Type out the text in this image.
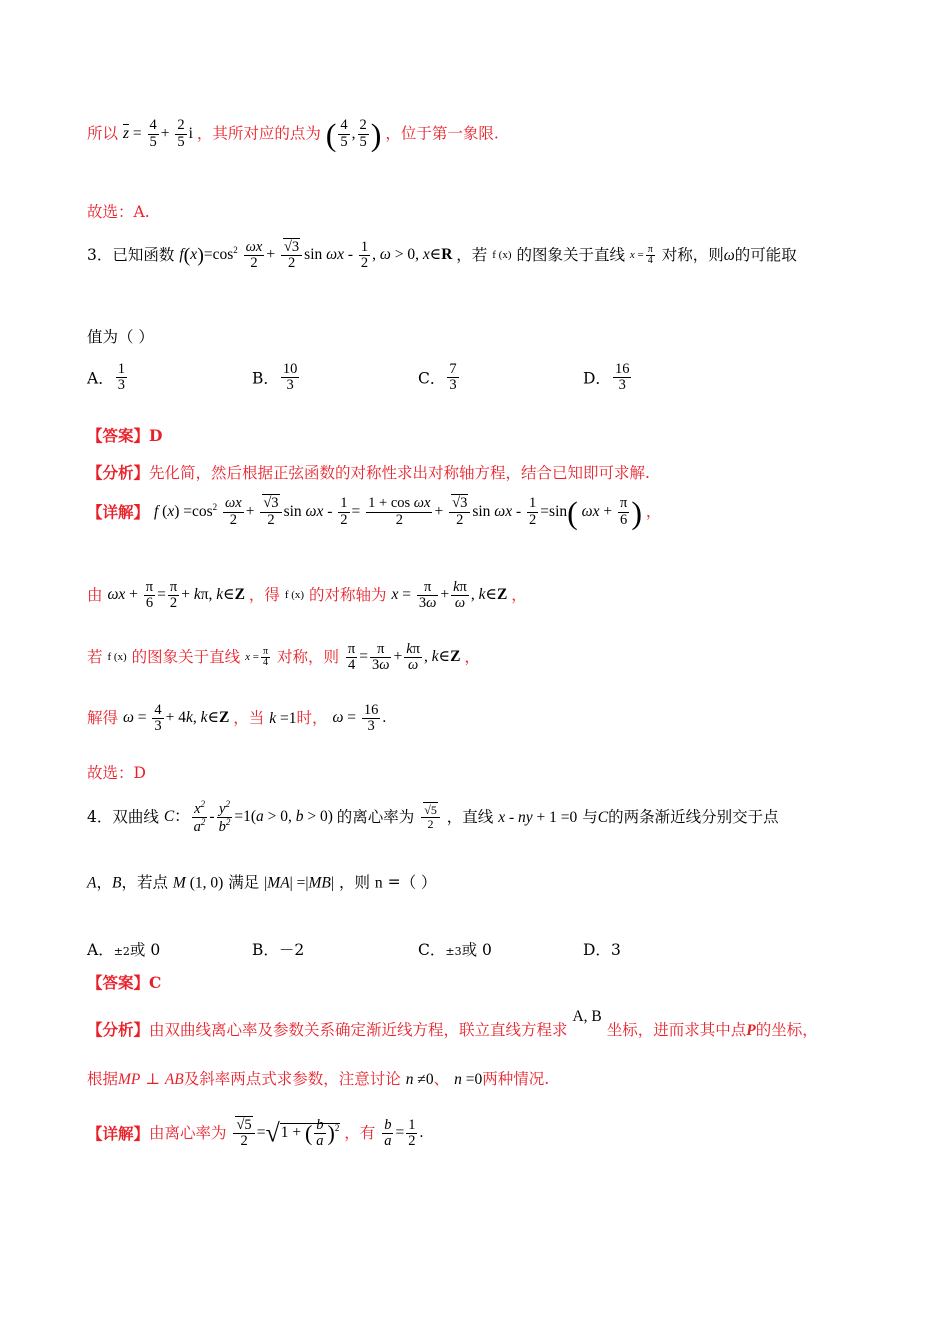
所以 $\overline{z} = \frac{4}{5} + \frac{2}{5}$ i ，其所对应的点为 ( $\frac{4}{5}$ , $\frac{2}{5}$ ) ，位于第一象限.
故选：A.
3．已知函数 $f(x)=\cos^2 \frac{\omega x}{2} + \frac{√3}{2}$ sin ωx - $\frac{1}{2}$ , ω > 0, x∈R ，若 f (x) 的图象关于直线 $x = \frac{\pi}{4}$ 对称，则ω的可能取
值为（ ）
A． $\frac{1}{3}$	B． $\frac{10}{3}$	C． $\frac{7}{3}$	D． $\frac{16}{3}$
【答案】D
【分析】先化简，然后根据正弦函数的对称性求出对称轴方程，结合已知即可求解.
【详解】 f $(x) =\cos^2 \frac{\omega x}{2} + \frac{√3}{2}$ $\sin \omega x - \frac{1}{2} = \frac{\text{1 + cos ωx}}{2} + \frac{√3}{2}$ $\sin \omega x - \frac{1}{2} =\sin$( $\omega x + \frac{\pi}{6}$ ) ，
由 $\omega x + \frac{\pi}{6} = \frac{\pi}{2} + k\pi$, k∈Z ，得 f (x) 的对称轴为 $x = \frac{\pi}{3\omega} + \frac{k\pi}{\omega}$ , k∈Z ，
若 f (x) 的图象关于直线 $x = \frac{\pi}{4}$ 对称，则 $\frac{\pi}{4} = \frac{\pi}{3\omega} + \frac{k\pi}{\omega}$ , k∈Z ，
解得 $\omega = \frac{4}{3} + 4k$, k∈Z ，当 k =1时， $\omega = \frac{16}{3}$ .
故选：D
4．双曲线 C： $\frac{x^2}{a^2} - \frac{y^2}{b^2} =1(a > 0$, b > 0) 的离心率为 $\frac{√5}{2}$ ，直线 x - ny + 1 =0 与C的两条渐近线分别交于点
A，B，若点 M (1, 0) 满足 |MA| =|MB| ，则 n =（ ）
A．±2或 0	B．－2	C．±3或 0	D．3
【答案】C
【分析】由双曲线离心率及参数关系确定渐近线方程，联立直线方程求 A, B 坐标，进而求其中点P的坐标，
根据MP ⊥ AB及斜率两点式求参数，注意讨论 n ≠0、 n =0两种情况.
【详解】由离心率为 $\frac{√5}{2} =√1$ + ( $\frac{b}{a} )^2$ ，有 $\frac{b}{a} = \frac{1}{2}$ .
